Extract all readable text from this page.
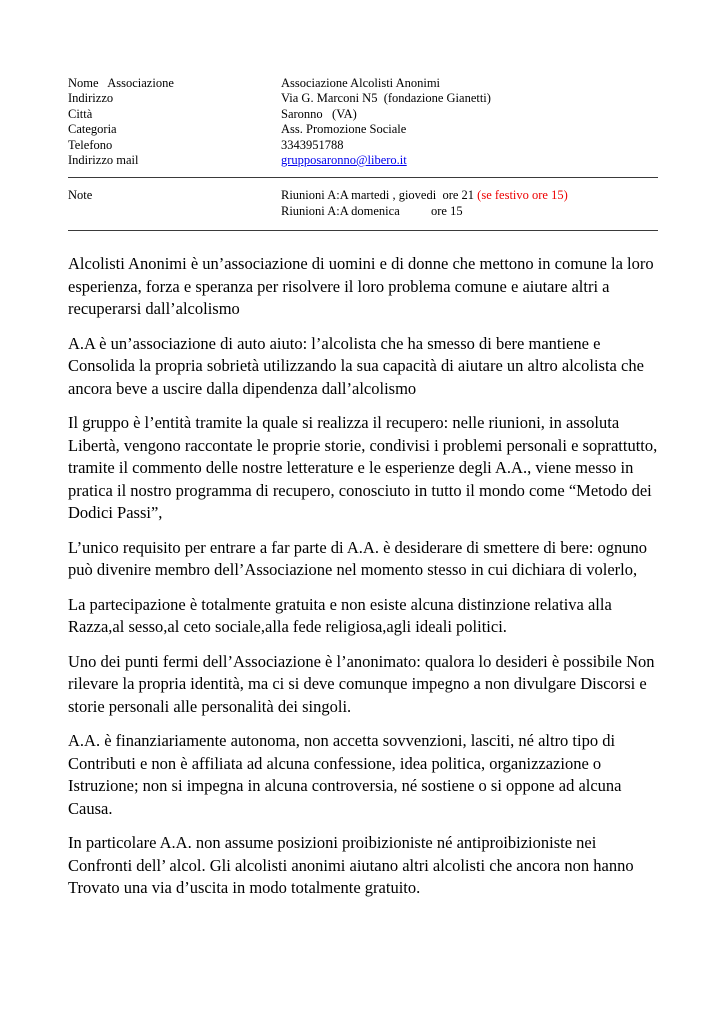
Nome   Associazione	Associazione Alcolisti Anonimi
Indirizzo	Via G. Marconi N5  (fondazione Gianetti)
Città	Saronno   (VA)
Categoria	Ass. Promozione Sociale
Telefono	3343951788
Indirizzo mail	grupposaronno@libero.it
Note	Riunioni A:A martedi , giovedi  ore 21 (se festivo ore 15)
Riunioni A:A domenica          ore 15

Alcolisti Anonimi è un’associazione di uomini e di donne che mettono in comune la loro esperienza, forza e speranza per risolvere il loro problema comune e aiutare altri a recuperarsi dall’alcolismo

A.A è un’associazione di auto aiuto: l’alcolista che ha smesso di bere mantiene e Consolida la propria sobrietà utilizzando la sua capacità di aiutare un altro alcolista che ancora beve a uscire dalla dipendenza dall’alcolismo

Il gruppo è l’entità tramite la quale si realizza il recupero: nelle riunioni, in assoluta Libertà, vengono raccontate le proprie storie, condivisi i problemi personali e soprattutto, tramite il commento delle nostre letterature e le esperienze degli A.A., viene messo in pratica il nostro programma di recupero, conosciuto in tutto il mondo come “Metodo dei Dodici Passi”,

L’unico requisito per entrare a far parte di A.A. è desiderare di smettere di bere: ognuno può divenire membro dell’Associazione nel momento stesso in cui dichiara di volerlo,

La partecipazione è totalmente gratuita e non esiste alcuna distinzione relativa alla Razza,al sesso,al ceto sociale,alla fede religiosa,agli ideali politici.

Uno dei punti fermi dell’Associazione è l’anonimato: qualora lo desideri è possibile Non rilevare la propria identità, ma ci si deve comunque impegno a non divulgare Discorsi e storie personali alle personalità dei singoli.

A.A. è finanziariamente autonoma, non accetta sovvenzioni, lasciti, né altro tipo di Contributi e non è affiliata ad alcuna confessione, idea politica, organizzazione o Istruzione; non si impegna in alcuna controversia, né sostiene o si oppone ad alcuna Causa.

In particolare A.A. non assume posizioni proibizioniste né antiproibizioniste nei Confronti dell’ alcol. Gli alcolisti anonimi aiutano altri alcolisti che ancora non hanno Trovato una via d’uscita in modo totalmente gratuito.
